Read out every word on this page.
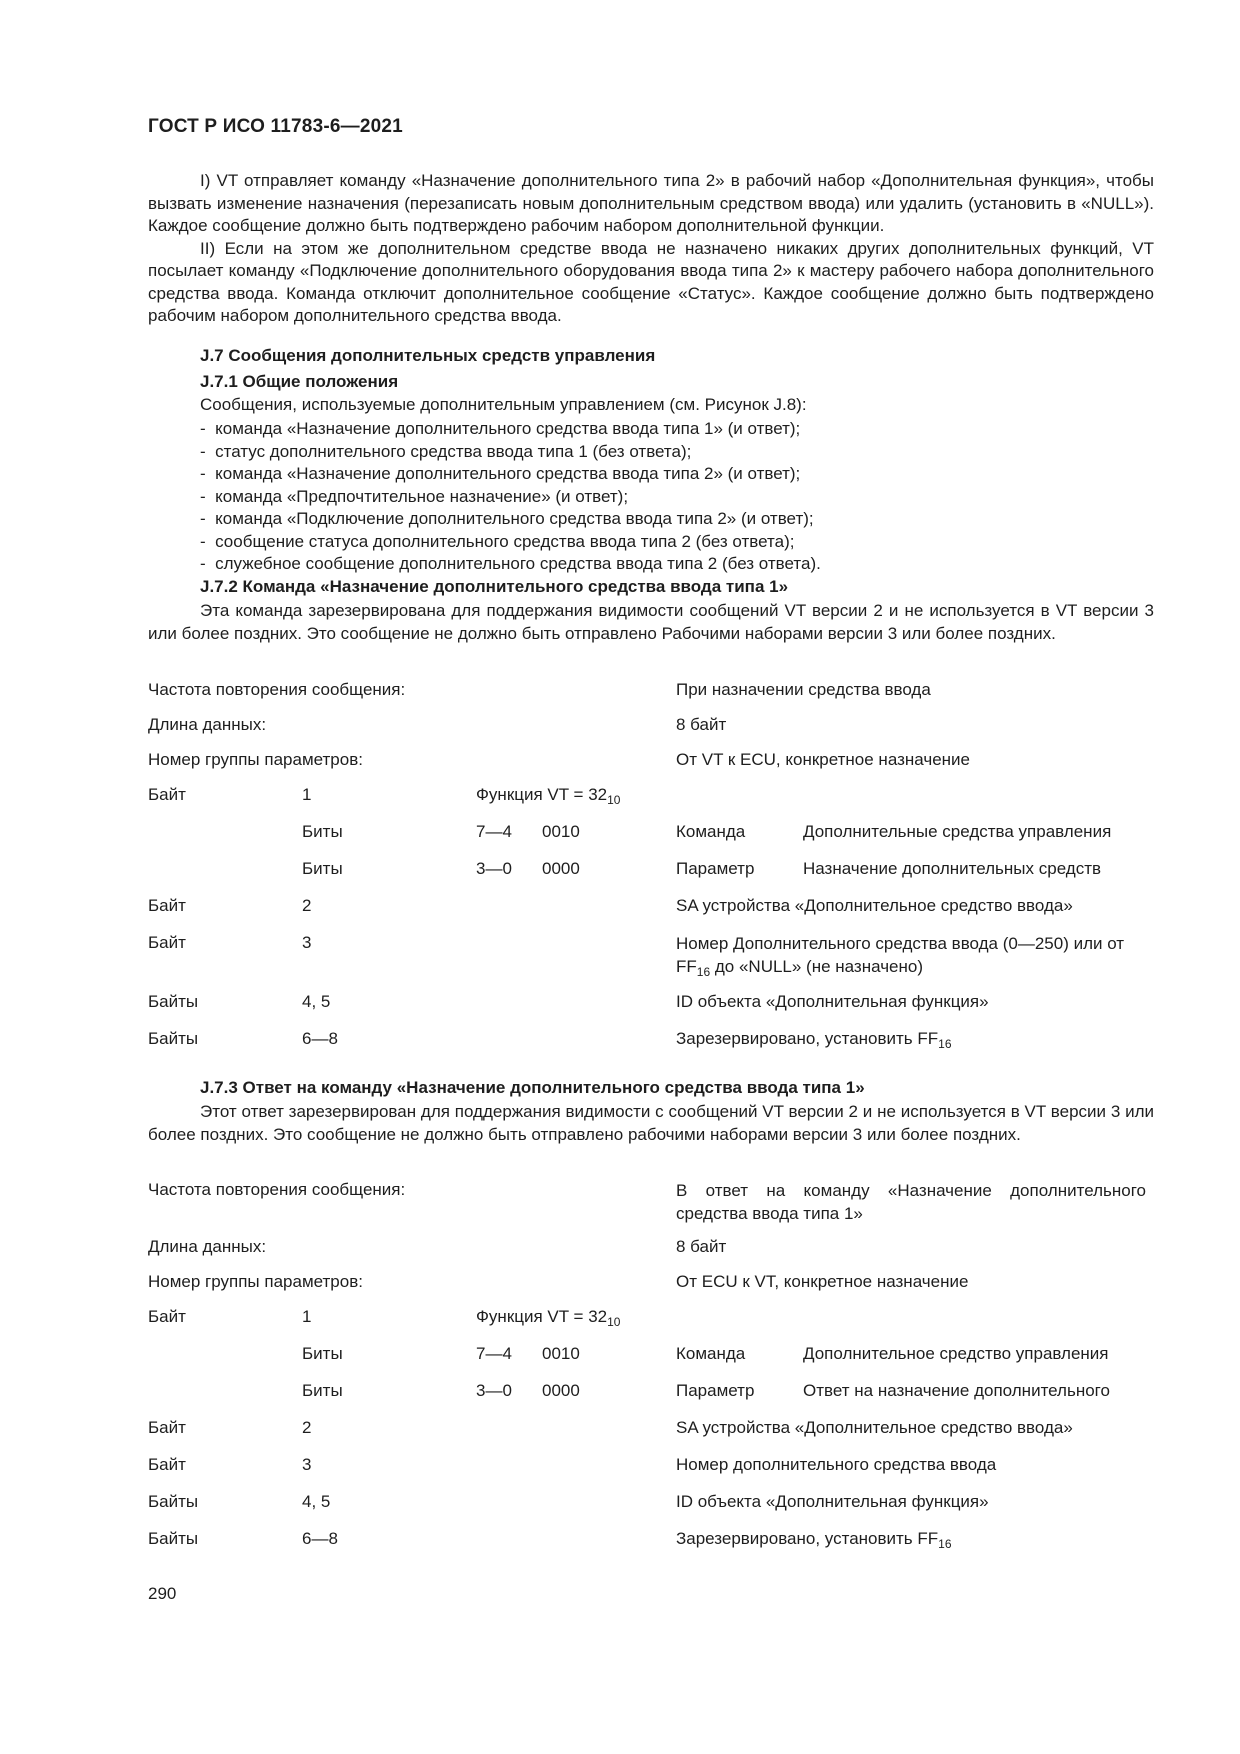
ГОСТ Р ИСО 11783-6—2021

I) VT отправляет команду «Назначение дополнительного типа 2» в рабочий набор «Дополнительная функция», чтобы вызвать изменение назначения (перезаписать новым дополнительным средством ввода) или удалить (установить в «NULL»). Каждое сообщение должно быть подтверждено рабочим набором дополнительной функции.

II) Если на этом же дополнительном средстве ввода не назначено никаких других дополнительных функций, VT посылает команду «Подключение дополнительного оборудования ввода типа 2» к мастеру рабочего набора дополнительного средства ввода. Команда отключит дополнительное сообщение «Статус». Каждое сообщение должно быть подтверждено рабочим набором дополнительного средства ввода.

J.7 Сообщения дополнительных средств управления
J.7.1 Общие положения
Сообщения, используемые дополнительным управлением (см. Рисунок J.8):
-  команда «Назначение дополнительного средства ввода типа 1» (и ответ);
-  статус дополнительного средства ввода типа 1 (без ответа);
-  команда «Назначение дополнительного средства ввода типа 2» (и ответ);
-  команда «Предпочтительное назначение» (и ответ);
-  команда «Подключение дополнительного средства ввода типа 2» (и ответ);
-  сообщение статуса дополнительного средства ввода типа 2 (без ответа);
-  служебное сообщение дополнительного средства ввода типа 2 (без ответа).
J.7.2 Команда «Назначение дополнительного средства ввода типа 1»

Эта команда зарезервирована для поддержания видимости сообщений VT версии 2 и не используется в VT версии 3 или более поздних. Это сообщение не должно быть отправлено Рабочими наборами версии 3 или более поздних.

Частота повторения сообщения:	При назначении средства ввода
Длина данных:	8 байт
Номер группы параметров:	От VT к ECU, конкретное назначение
Байт	1	Функция VT = $32_{10}$
Биты	7—4 0010	Команда	Дополнительные средства управления
Биты	3—0 0000	Параметр	Назначение дополнительных средств
Байт	2	SA устройства «Дополнительное средство ввода»
Байт	3	Номер Дополнительного средства ввода (0—250) или от $FF_{16}$ до «NULL» (не назначено)
Байты	4, 5	ID объекта «Дополнительная функция»
Байты	6—8	Зарезервировано, установить $FF_{16}$
J.7.3 Ответ на команду «Назначение дополнительного средства ввода типа 1»

Этот ответ зарезервирован для поддержания видимости с сообщений VT версии 2 и не используется в VT версии 3 или более поздних. Это сообщение не должно быть отправлено рабочими наборами версии 3 или более поздних.

Частота повторения сообщения:	В ответ на команду «Назначение дополнительного средства ввода типа 1»
Длина данных:	8 байт
Номер группы параметров:	От ECU к VT, конкретное назначение
Байт	1	Функция VT = $32_{10}$
Биты	7—4 0010	Команда	Дополнительное средство управления
Биты	3—0 0000	Параметр	Ответ на назначение дополнительного
Байт	2	SA устройства «Дополнительное средство ввода»
Байт	3	Номер дополнительного средства ввода
Байты	4, 5	ID объекта «Дополнительная функция»
Байты	6—8	Зарезервировано, установить $FF_{16}$
290
